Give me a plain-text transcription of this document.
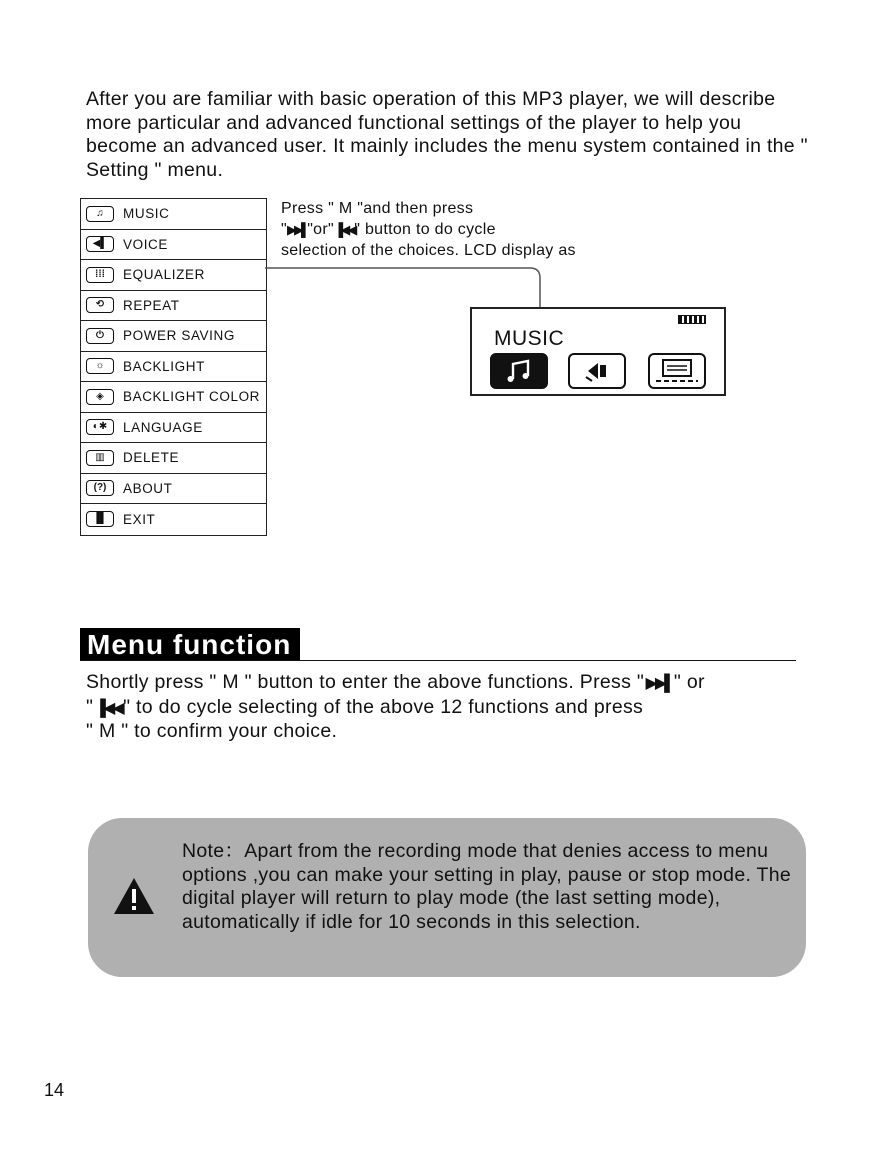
After you are familiar with basic operation of this MP3 player, we will describe more particular and advanced functional settings of the player to help you become an advanced user. It mainly includes the menu system contained in the " Setting " menu.

♫	MUSIC
◀▌	VOICE
⁞⁞⁞	EQUALIZER
⟲	REPEAT
⏻	POWER SAVING
☼	BACKLIGHT
◈	BACKLIGHT COLOR
◐✱	LANGUAGE
▥	DELETE
(?)	ABOUT
▐▌	EXIT
Press " M "and then press
"▶▶▌"or"▐◀◀" button to do cycle
selection of the choices. LCD display as
MUSIC
Menu function
Shortly press " M " button to enter the above functions. Press " ▶▶▌ " or
" ▐◀◀ " to do cycle selecting of the above 12 functions and press
" M " to confirm your choice.

Note：Apart from the recording mode that denies access to menu options ,you can make your setting in play, pause or stop mode. The digital player will return to play mode (the last setting mode), automatically if idle for 10 seconds in this selection.

14
